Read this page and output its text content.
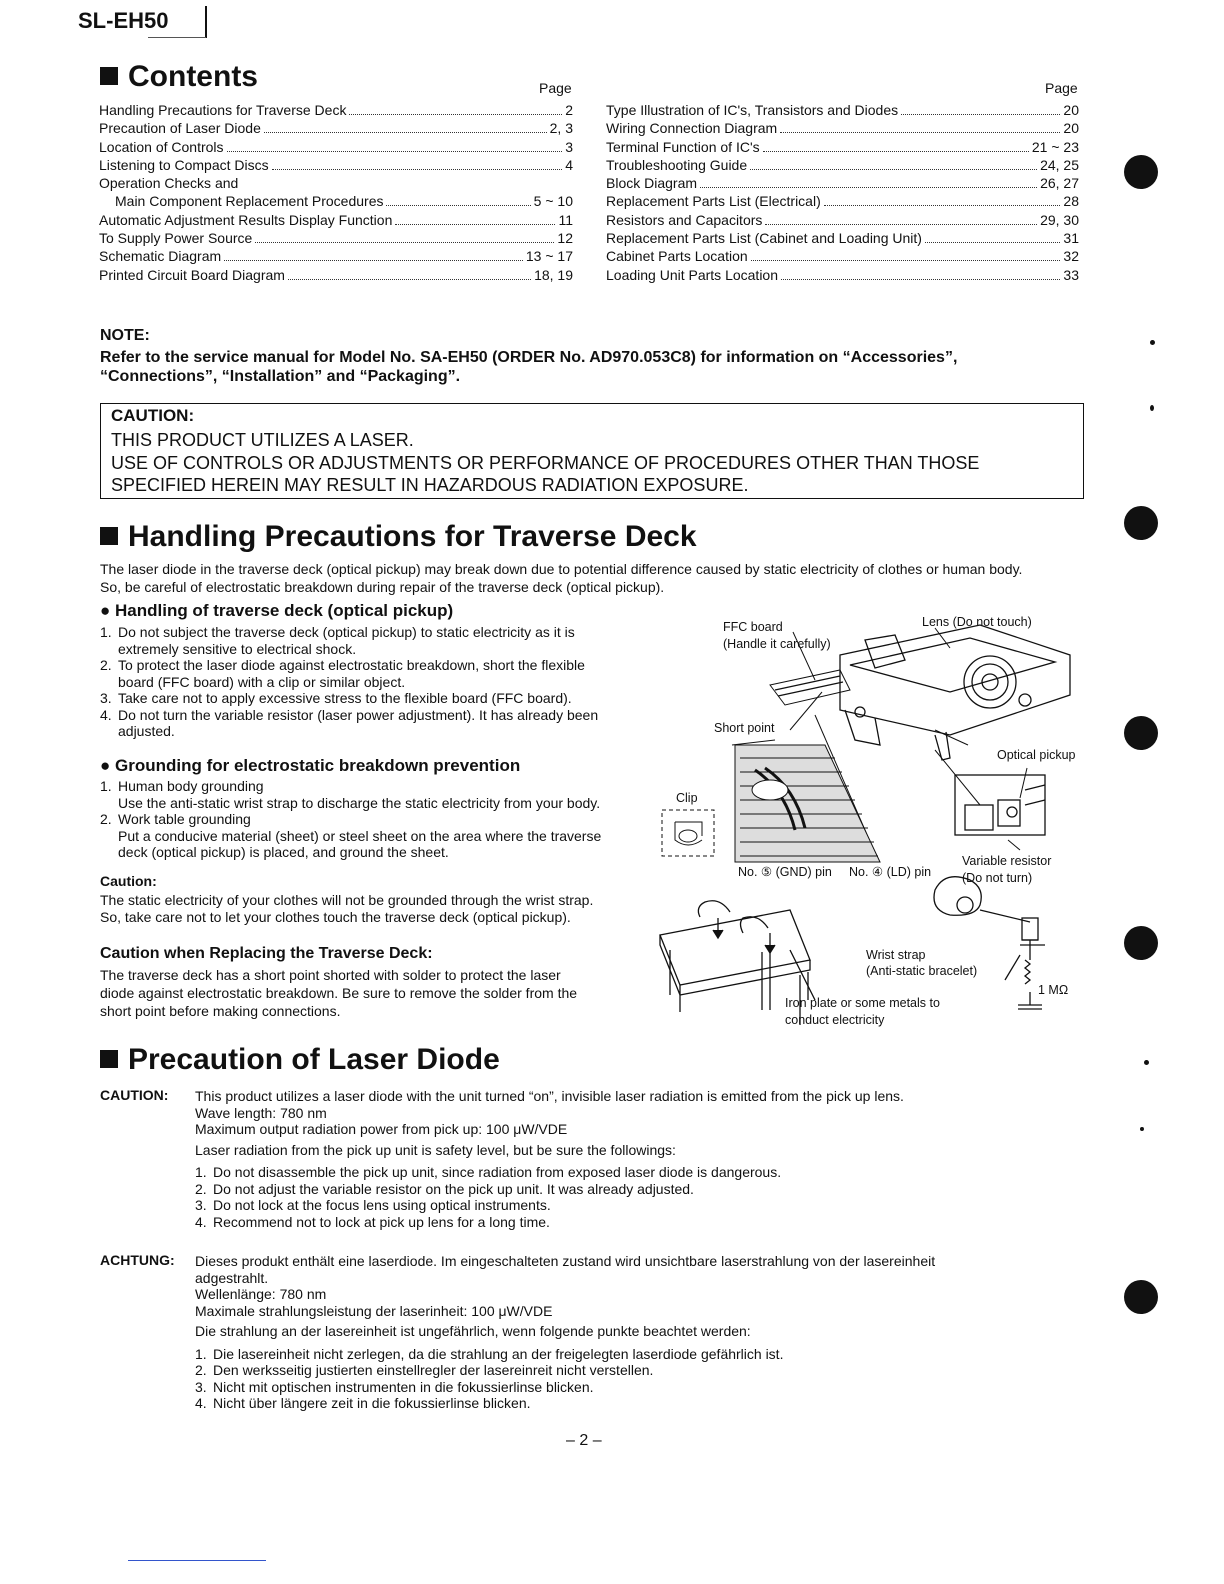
SL-EH50
Contents	Page	Page
Handling Precautions for Traverse Deck	2
Precaution of Laser Diode	2, 3
Location of Controls	3
Listening to Compact Discs	4
Operation Checks and
Main Component Replacement Procedures	5 ~ 10
Automatic Adjustment Results Display Function	11
To Supply Power Source	12
Schematic Diagram	13 ~ 17
Printed Circuit Board Diagram	18, 19
Type Illustration of IC's, Transistors and Diodes	20
Wiring Connection Diagram	20
Terminal Function of IC's	21 ~ 23
Troubleshooting Guide	24, 25
Block Diagram	26, 27
Replacement Parts List (Electrical)	28
Resistors and Capacitors	29, 30
Replacement Parts List (Cabinet and Loading Unit)	31
Cabinet Parts Location	32
Loading Unit Parts Location	33
NOTE:
Refer to the service manual for Model No. SA-EH50 (ORDER No. AD970.053C8) for information on “Accessories”,
“Connections”, “Installation” and “Packaging”.
CAUTION:
THIS PRODUCT UTILIZES A LASER.
USE OF CONTROLS OR ADJUSTMENTS OR PERFORMANCE OF PROCEDURES OTHER THAN THOSE
SPECIFIED HEREIN MAY RESULT IN HAZARDOUS RADIATION EXPOSURE.
Handling Precautions for Traverse Deck
The laser diode in the traverse deck (optical pickup) may break down due to potential difference caused by static electricity of clothes or human body.
So, be careful of electrostatic breakdown during repair of the traverse deck (optical pickup).
● Handling of traverse deck (optical pickup)
1. Do not subject the traverse deck (optical pickup) to static electricity as it is
extremely sensitive to electrical shock.
2. To protect the laser diode against electrostatic breakdown, short the flexible
board (FFC board) with a clip or similar object.
3. Take care not to apply excessive stress to the flexible board (FFC board).
4. Do not turn the variable resistor (laser power adjustment). It has already been
adjusted.
● Grounding for electrostatic breakdown prevention
1. Human body grounding
Use the anti-static wrist strap to discharge the static electricity from your body.
2. Work table grounding
Put a conducive material (sheet) or steel sheet on the area where the traverse
deck (optical pickup) is placed, and ground the sheet.
Caution:
The static electricity of your clothes will not be grounded through the wrist strap.
So, take care not to let your clothes touch the traverse deck (optical pickup).
Caution when Replacing the Traverse Deck:
The traverse deck has a short point shorted with solder to protect the laser
diode against electrostatic breakdown. Be sure to remove the solder from the
short point before making connections.
FFC board
(Handle it carefully)
Lens (Do not touch)
Short point
Optical pickup
Clip
No. ⑤ (GND) pin No. ④ (LD) pin
Variable resistor
(Do not turn)
Wrist strap
(Anti-static bracelet)
1 MΩ
Iron plate or some metals to
conduct electricity
Precaution of Laser Diode
CAUTION: This product utilizes a laser diode with the unit turned “on”, invisible laser radiation is emitted from the pick up lens.
Wave length: 780 nm
Maximum output radiation power from pick up: 100 μW/VDE
Laser radiation from the pick up unit is safety level, but be sure the followings:
1. Do not disassemble the pick up unit, since radiation from exposed laser diode is dangerous.
2. Do not adjust the variable resistor on the pick up unit. It was already adjusted.
3. Do not lock at the focus lens using optical instruments.
4. Recommend not to lock at pick up lens for a long time.
ACHTUNG: Dieses produkt enthält eine laserdiode. Im eingeschalteten zustand wird unsichtbare laserstrahlung von der lasereinheit
adgestrahlt.
Wellenlänge: 780 nm
Maximale strahlungsleistung der laserinheit: 100 μW/VDE
Die strahlung an der lasereinheit ist ungefährlich, wenn folgende punkte beachtet werden:
1. Die lasereinheit nicht zerlegen, da die strahlung an der freigelegten laserdiode gefährlich ist.
2. Den werksseitig justierten einstellregler der lasereinreit nicht verstellen.
3. Nicht mit optischen instrumenten in die fokussierlinse blicken.
4. Nicht über längere zeit in die fokussierlinse blicken.
– 2 –
